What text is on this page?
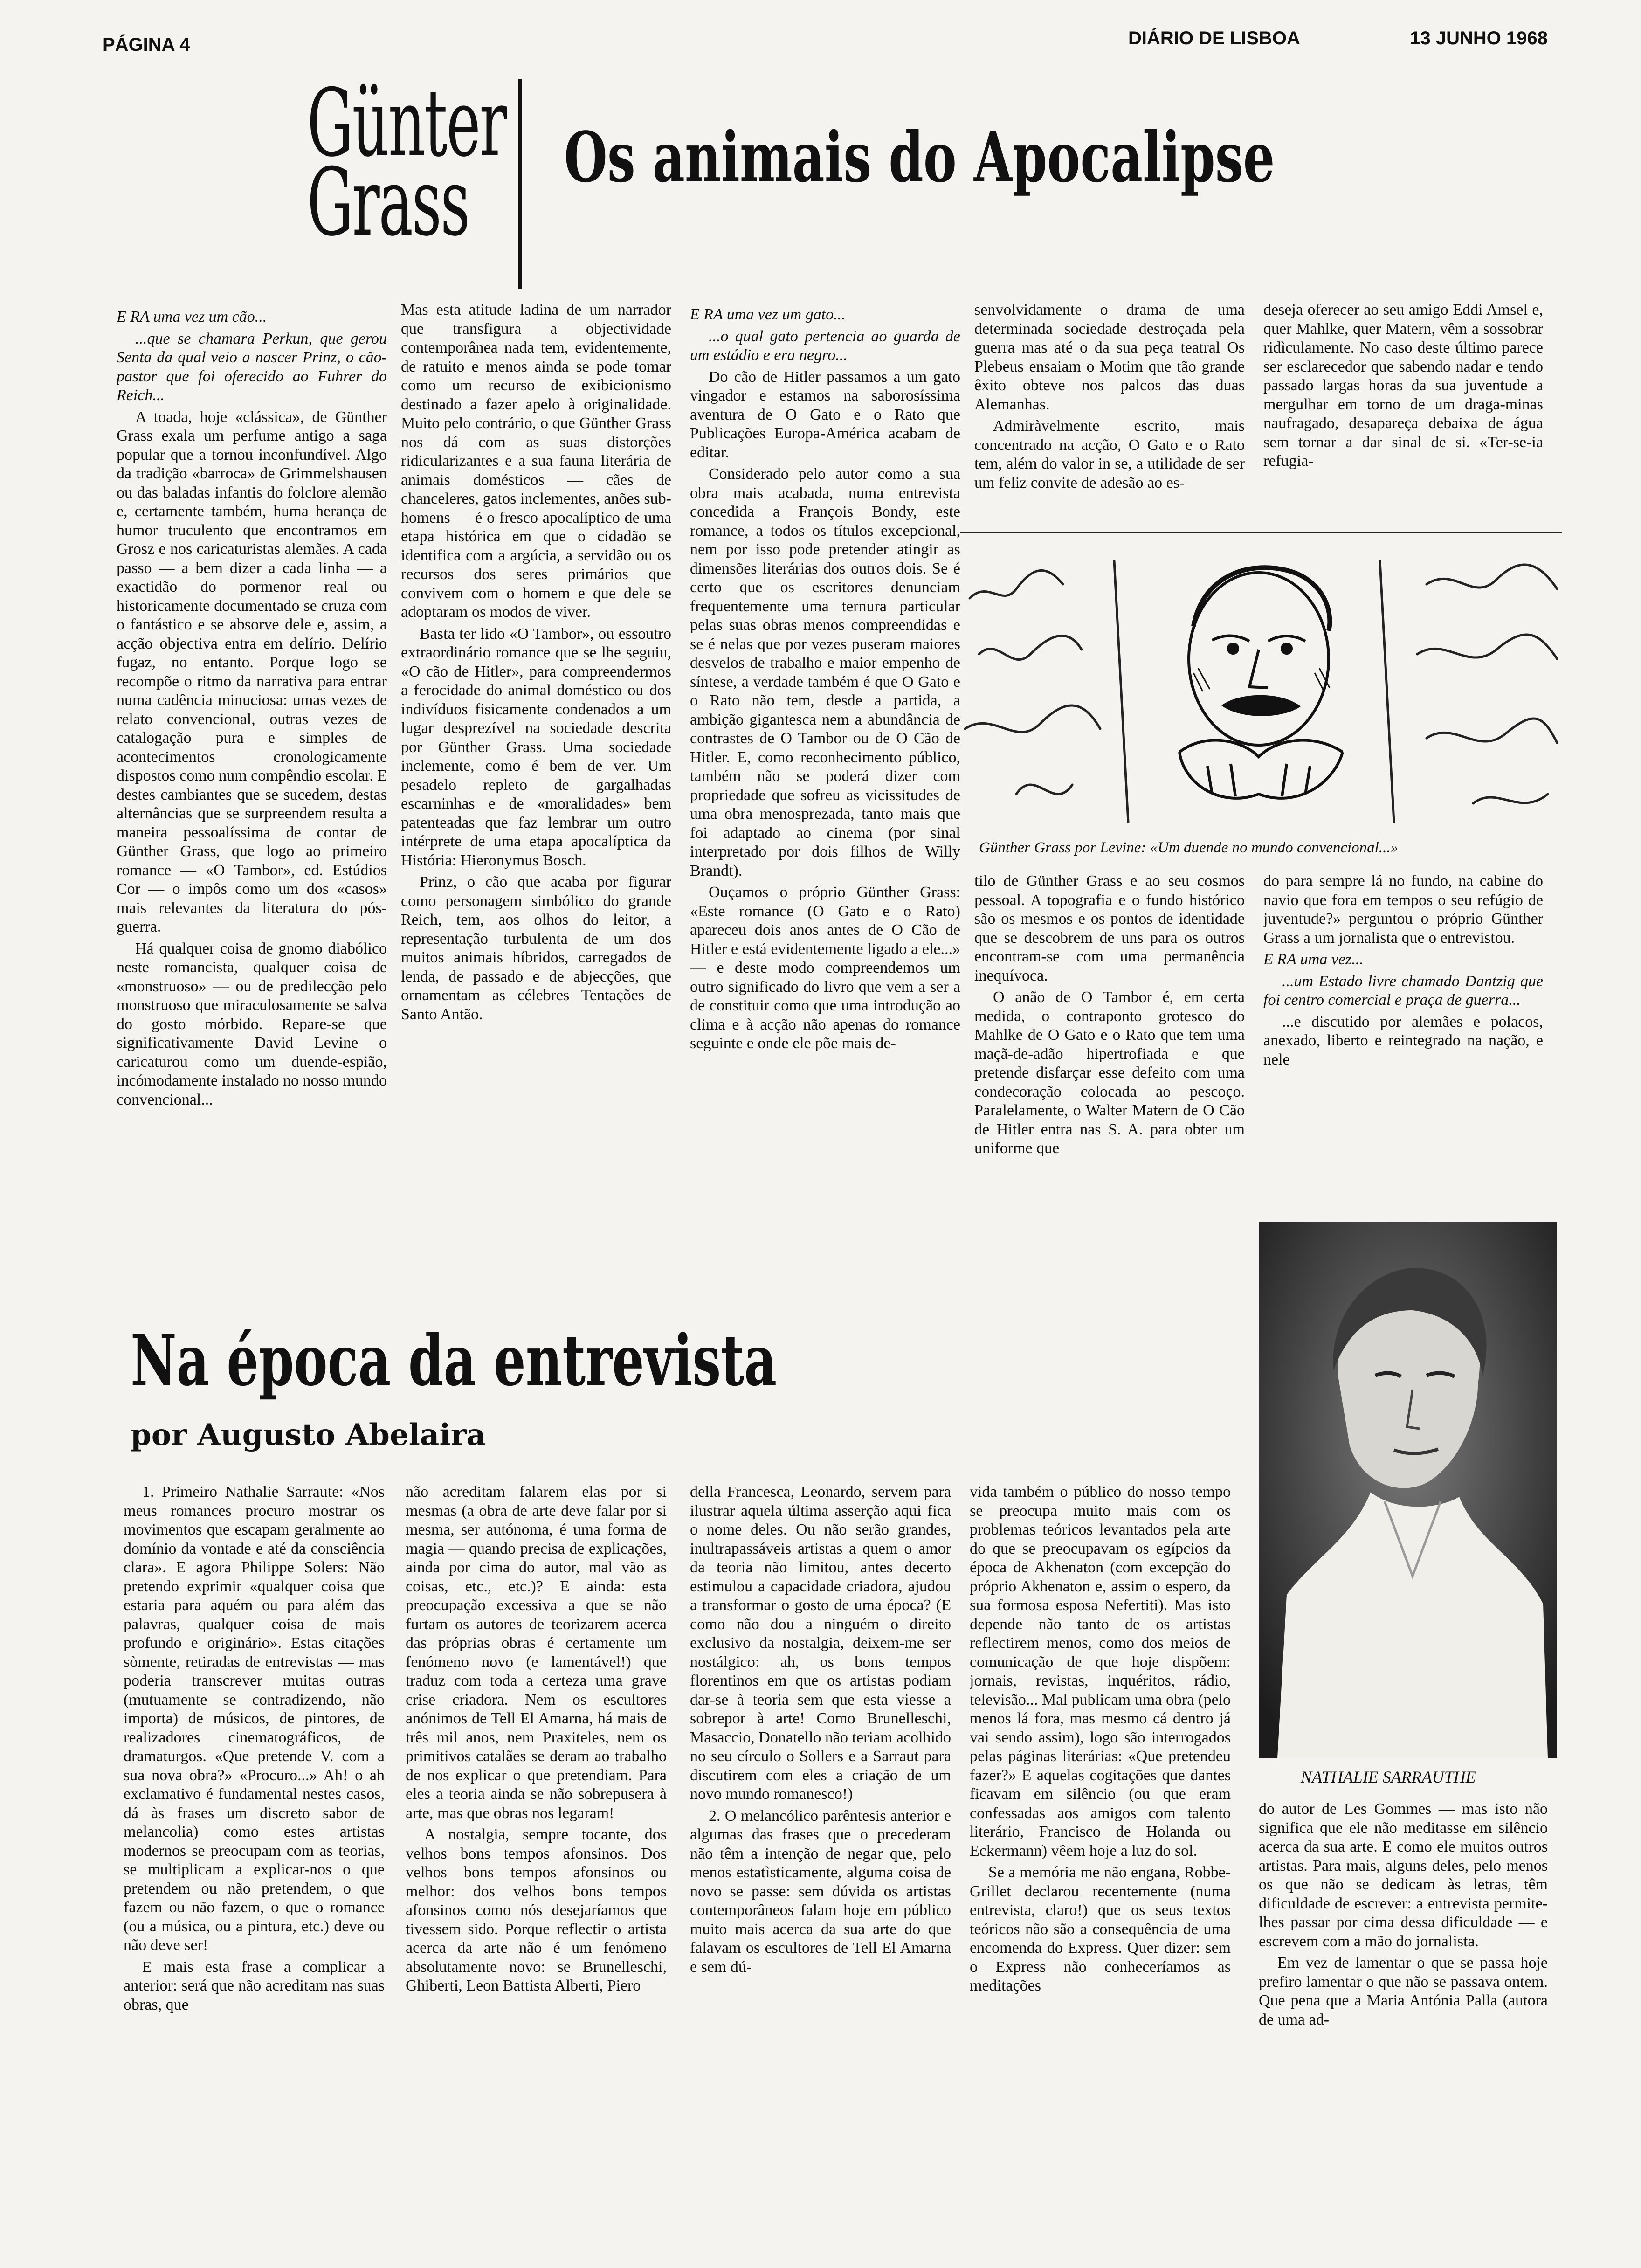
PÁGINA 4	DIÁRIO DE LISBOA	13 JUNHO 1968
Günter Grass Os animais do Apocalipse

E RA uma vez um cão...

...que se chamara Perkun, que gerou Senta da qual veio a nascer Prinz, o cão-pastor que foi oferecido ao Fuhrer do Reich...

A toada, hoje «clássica», de Günther Grass exala um perfume antigo a saga popular que a tornou inconfundível. Algo da tradição «barroca» de Grimmelshausen ou das baladas infantis do folclore alemão e, certamente também, huma herança de humor truculento que encontramos em Grosz e nos caricaturistas alemães. A cada passo — a bem dizer a cada linha — a exactidão do pormenor real ou historicamente documentado se cruza com o fantástico e se absorve dele e, assim, a acção objectiva entra em delírio. Delírio fugaz, no entanto. Porque logo se recompõe o ritmo da narrativa para entrar numa cadência minuciosa: umas vezes de relato convencional, outras vezes de catalogação pura e simples de acontecimentos cronologicamente dispostos como num compêndio escolar. E destes cambiantes que se sucedem, destas alternâncias que se surpreendem resulta a maneira pessoalíssima de contar de Günther Grass, que logo ao primeiro romance — «O Tambor», ed. Estúdios Cor — o impôs como um dos «casos» mais relevantes da literatura do pós-guerra.

Há qualquer coisa de gnomo diabólico neste romancista, qualquer coisa de «monstruoso» — ou de predilecção pelo monstruoso que miraculosamente se salva do gosto mórbido. Repare-se que significativamente David Levine o caricaturou como um duende-espião, incómodamente instalado no nosso mundo convencional...

Mas esta atitude ladina de um narrador que transfigura a objectividade contemporânea nada tem, evidentemente, de ratuito e menos ainda se pode tomar como um recurso de exibicionismo destinado a fazer apelo à originalidade. Muito pelo contrário, o que Günther Grass nos dá com as suas distorções ridicularizantes e a sua fauna literária de animais domésticos — cães de chanceleres, gatos inclementes, anões sub-homens — é o fresco apocalíptico de uma etapa histórica em que o cidadão se identifica com a argúcia, a servidão ou os recursos dos seres primários que convivem com o homem e que dele se adoptaram os modos de viver.

Basta ter lido «O Tambor», ou essoutro extraordinário romance que se lhe seguiu, «O cão de Hitler», para compreendermos a ferocidade do animal doméstico ou dos indivíduos fisicamente condenados a um lugar desprezível na sociedade descrita por Günther Grass. Uma sociedade inclemente, como é bem de ver. Um pesadelo repleto de gargalhadas escarninhas e de «moralidades» bem patenteadas que faz lembrar um outro intérprete de uma etapa apocalíptica da História: Hieronymus Bosch.

Prinz, o cão que acaba por figurar como personagem simbólico do grande Reich, tem, aos olhos do leitor, a representação turbulenta de um dos muitos animais híbridos, carregados de lenda, de passado e de abjecções, que ornamentam as célebres Tentações de Santo Antão.

E RA uma vez um gato...

...o qual gato pertencia ao guarda de um estádio e era negro...

Do cão de Hitler passamos a um gato vingador e estamos na saborosíssima aventura de O Gato e o Rato que Publicações Europa-América acabam de editar.

Considerado pelo autor como a sua obra mais acabada, numa entrevista concedida a François Bondy, este romance, a todos os títulos excepcional, nem por isso pode pretender atingir as dimensões literárias dos outros dois. Se é certo que os escritores denunciam frequentemente uma ternura particular pelas suas obras menos compreendidas e se é nelas que por vezes puseram maiores desvelos de trabalho e maior empenho de síntese, a verdade também é que O Gato e o Rato não tem, desde a partida, a ambição gigantesca nem a abundância de contrastes de O Tambor ou de O Cão de Hitler. E, como reconhecimento público, também não se poderá dizer com propriedade que sofreu as vicissitudes de uma obra menosprezada, tanto mais que foi adaptado ao cinema (por sinal interpretado por dois filhos de Willy Brandt).

Ouçamos o próprio Günther Grass: «Este romance (O Gato e o Rato) apareceu dois anos antes de O Cão de Hitler e está evidentemente ligado a ele...» — e deste modo compreendemos um outro significado do livro que vem a ser a de constituir como que uma introdução ao clima e à acção não apenas do romance seguinte e onde ele põe mais de-

senvolvidamente o drama de uma determinada sociedade destroçada pela guerra mas até o da sua peça teatral Os Plebeus ensaiam o Motim que tão grande êxito obteve nos palcos das duas Alemanhas.

Admiràvelmente escrito, mais concentrado na acção, O Gato e o Rato tem, além do valor in se, a utilidade de ser um feliz convite de adesão ao es-

deseja oferecer ao seu amigo Eddi Amsel e, quer Mahlke, quer Matern, vêm a sossobrar ridìculamente. No caso deste último parece ser esclarecedor que sabendo nadar e tendo passado largas horas da sua juventude a mergulhar em torno de um draga-minas naufragado, desapareça debaixa de água sem tornar a dar sinal de si. «Ter-se-ia refugia-

Günther Grass por Levine: «Um duende no mundo convencional...»

tilo de Günther Grass e ao seu cosmos pessoal. A topografia e o fundo histórico são os mesmos e os pontos de identidade que se descobrem de uns para os outros encontram-se com uma permanência inequívoca.

O anão de O Tambor é, em certa medida, o contraponto grotesco do Mahlke de O Gato e o Rato que tem uma maçã-de-adão hipertrofiada e que pretende disfarçar esse defeito com uma condecoração colocada ao pescoço. Paralelamente, o Walter Matern de O Cão de Hitler entra nas S. A. para obter um uniforme que

do para sempre lá no fundo, na cabine do navio que fora em tempos o seu refúgio de juventude?» perguntou o próprio Günther Grass a um jornalista que o entrevistou.

E RA uma vez...

...um Estado livre chamado Dantzig que foi centro comercial e praça de guerra...

...e discutido por alemães e polacos, anexado, liberto e reintegrado na nação, e nele

Na época da entrevista
por Augusto Abelaira

1. Primeiro Nathalie Sarraute: «Nos meus romances procuro mostrar os movimentos que escapam geralmente ao domínio da vontade e até da consciência clara». E agora Philippe Solers: Não pretendo exprimir «qualquer coisa que estaria para aquém ou para além das palavras, qualquer coisa de mais profundo e originário». Estas citações sòmente, retiradas de entrevistas — mas poderia transcrever muitas outras (mutuamente se contradizendo, não importa) de músicos, de pintores, de realizadores cinematográficos, de dramaturgos. «Que pretende V. com a sua nova obra?» «Procuro...» Ah! o ah exclamativo é fundamental nestes casos, dá às frases um discreto sabor de melancolia) como estes artistas modernos se preocupam com as teorias, se multiplicam a explicar-nos o que pretendem ou não pretendem, o que fazem ou não fazem, o que o romance (ou a música, ou a pintura, etc.) deve ou não deve ser!

E mais esta frase a complicar a anterior: será que não acreditam nas suas obras, que

não acreditam falarem elas por si mesmas (a obra de arte deve falar por si mesma, ser autónoma, é uma forma de magia — quando precisa de explicações, ainda por cima do autor, mal vão as coisas, etc., etc.)? E ainda: esta preocupação excessiva a que se não furtam os autores de teorizarem acerca das próprias obras é certamente um fenómeno novo (e lamentável!) que traduz com toda a certeza uma grave crise criadora. Nem os escultores anónimos de Tell El Amarna, há mais de três mil anos, nem Praxiteles, nem os primitivos catalães se deram ao trabalho de nos explicar o que pretendiam. Para eles a teoria ainda se não sobrepusera à arte, mas que obras nos legaram!

A nostalgia, sempre tocante, dos velhos bons tempos afonsinos. Dos velhos bons tempos afonsinos ou melhor: dos velhos bons tempos afonsinos como nós desejaríamos que tivessem sido. Porque reflectir o artista acerca da arte não é um fenómeno absolutamente novo: se Brunelleschi, Ghiberti, Leon Battista Alberti, Piero

della Francesca, Leonardo, servem para ilustrar aquela última asserção aqui fica o nome deles. Ou não serão grandes, inultrapassáveis artistas a quem o amor da teoria não limitou, antes decerto estimulou a capacidade criadora, ajudou a transformar o gosto de uma época? (E como não dou a ninguém o direito exclusivo da nostalgia, deixem-me ser nostálgico: ah, os bons tempos florentinos em que os artistas podiam dar-se à teoria sem que esta viesse a sobrepor à arte! Como Brunelleschi, Masaccio, Donatello não teriam acolhido no seu círculo o Sollers e a Sarraut para discutirem com eles a criação de um novo mundo romanesco!)

2. O melancólico parêntesis anterior e algumas das frases que o precederam não têm a intenção de negar que, pelo menos estatìsticamente, alguma coisa de novo se passe: sem dúvida os artistas contemporâneos falam hoje em público muito mais acerca da sua arte do que falavam os escultores de Tell El Amarna e sem dú-

vida também o público do nosso tempo se preocupa muito mais com os problemas teóricos levantados pela arte do que se preocupavam os egípcios da época de Akhenaton (com excepção do próprio Akhenaton e, assim o espero, da sua formosa esposa Nefertiti). Mas isto depende não tanto de os artistas reflectirem menos, como dos meios de comunicação de que hoje dispõem: jornais, revistas, inquéritos, rádio, televisão... Mal publicam uma obra (pelo menos lá fora, mas mesmo cá dentro já vai sendo assim), logo são interrogados pelas páginas literárias: «Que pretendeu fazer?» E aquelas cogitações que dantes ficavam em silêncio (ou que eram confessadas aos amigos com talento literário, Francisco de Holanda ou Eckermann) vêem hoje a luz do sol.

Se a memória me não engana, Robbe-Grillet declarou recentemente (numa entrevista, claro!) que os seus textos teóricos não são a consequência de uma encomenda do Express. Quer dizer: sem o Express não conheceríamos as meditações

NATHALIE SARRAUTHE

do autor de Les Gommes — mas isto não significa que ele não meditasse em silêncio acerca da sua arte. E como ele muitos outros artistas. Para mais, alguns deles, pelo menos os que não se dedicam às letras, têm dificuldade de escrever: a entrevista permite-lhes passar por cima dessa dificuldade — e escrevem com a mão do jornalista.

Em vez de lamentar o que se passa hoje prefiro lamentar o que não se passava ontem. Que pena que a Maria Antónia Palla (autora de uma ad-
